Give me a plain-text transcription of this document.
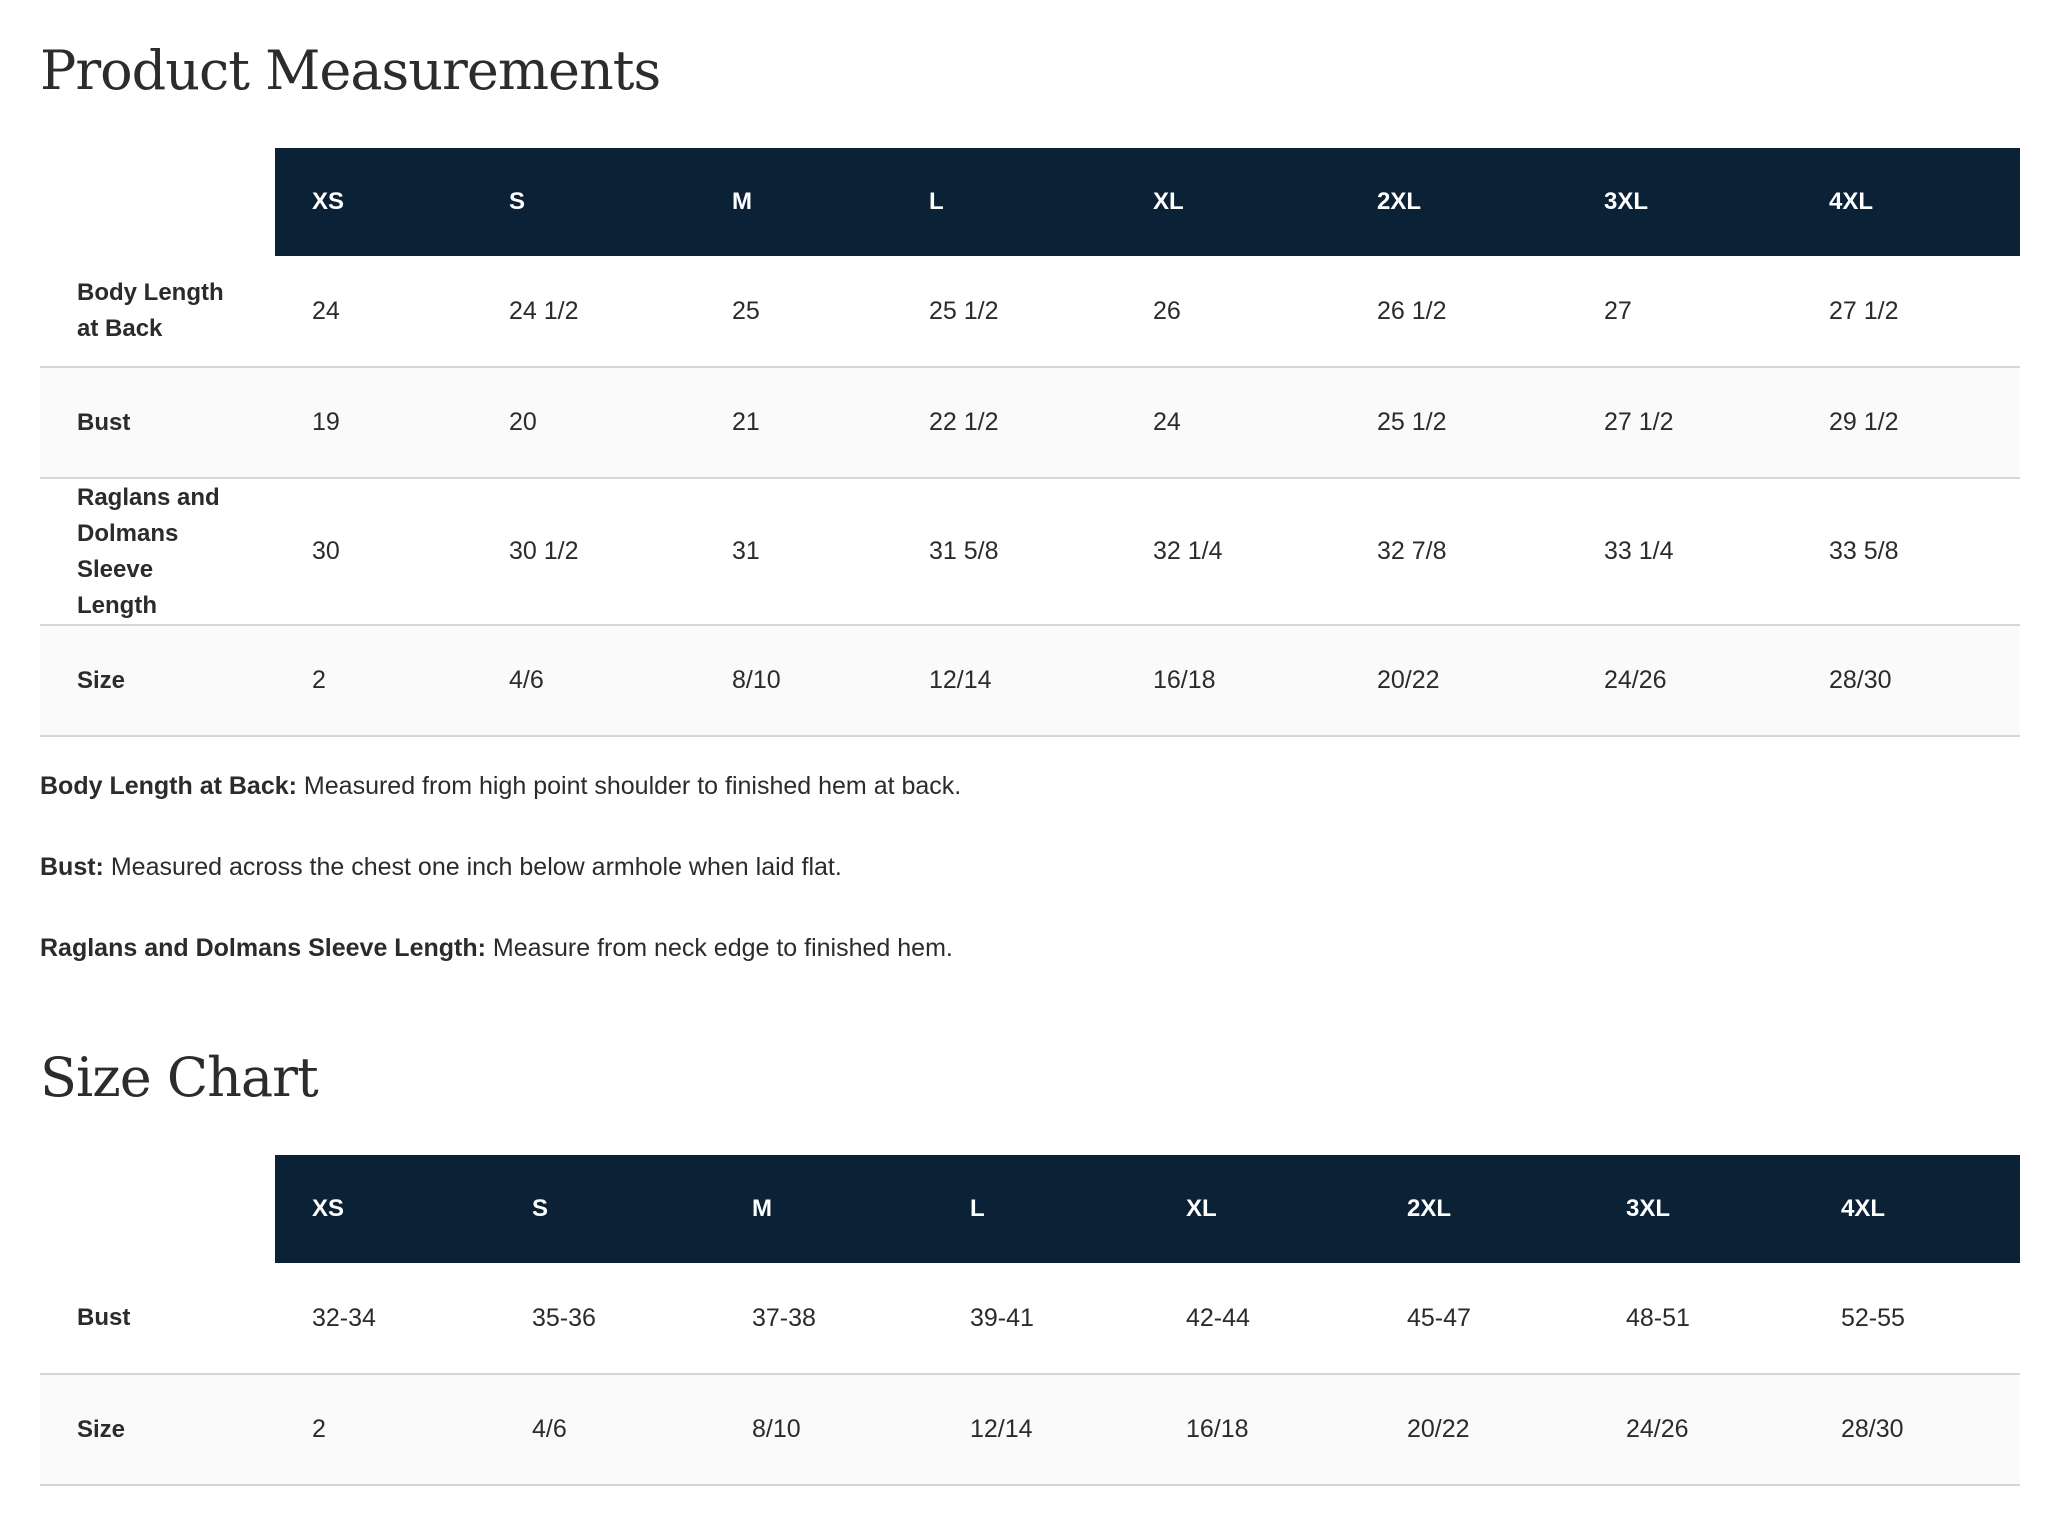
Product Measurements
	XS	S	M	L	XL	2XL	3XL	4XL
Body Length at Back	24	24 1/2	25	25 1/2	26	26 1/2	27	27 1/2
Bust	19	20	21	22 1/2	24	25 1/2	27 1/2	29 1/2
Raglans and Dolmans Sleeve Length	30	30 1/2	31	31 5/8	32 1/4	32 7/8	33 1/4	33 5/8
Size	2	4/6	8/10	12/14	16/18	20/22	24/26	28/30

Body Length at Back: Measured from high point shoulder to finished hem at back.

Bust: Measured across the chest one inch below armhole when laid flat.

Raglans and Dolmans Sleeve Length: Measure from neck edge to finished hem.

Size Chart
	XS	S	M	L	XL	2XL	3XL	4XL
Bust	32-34	35-36	37-38	39-41	42-44	45-47	48-51	52-55
Size	2	4/6	8/10	12/14	16/18	20/22	24/26	28/30
